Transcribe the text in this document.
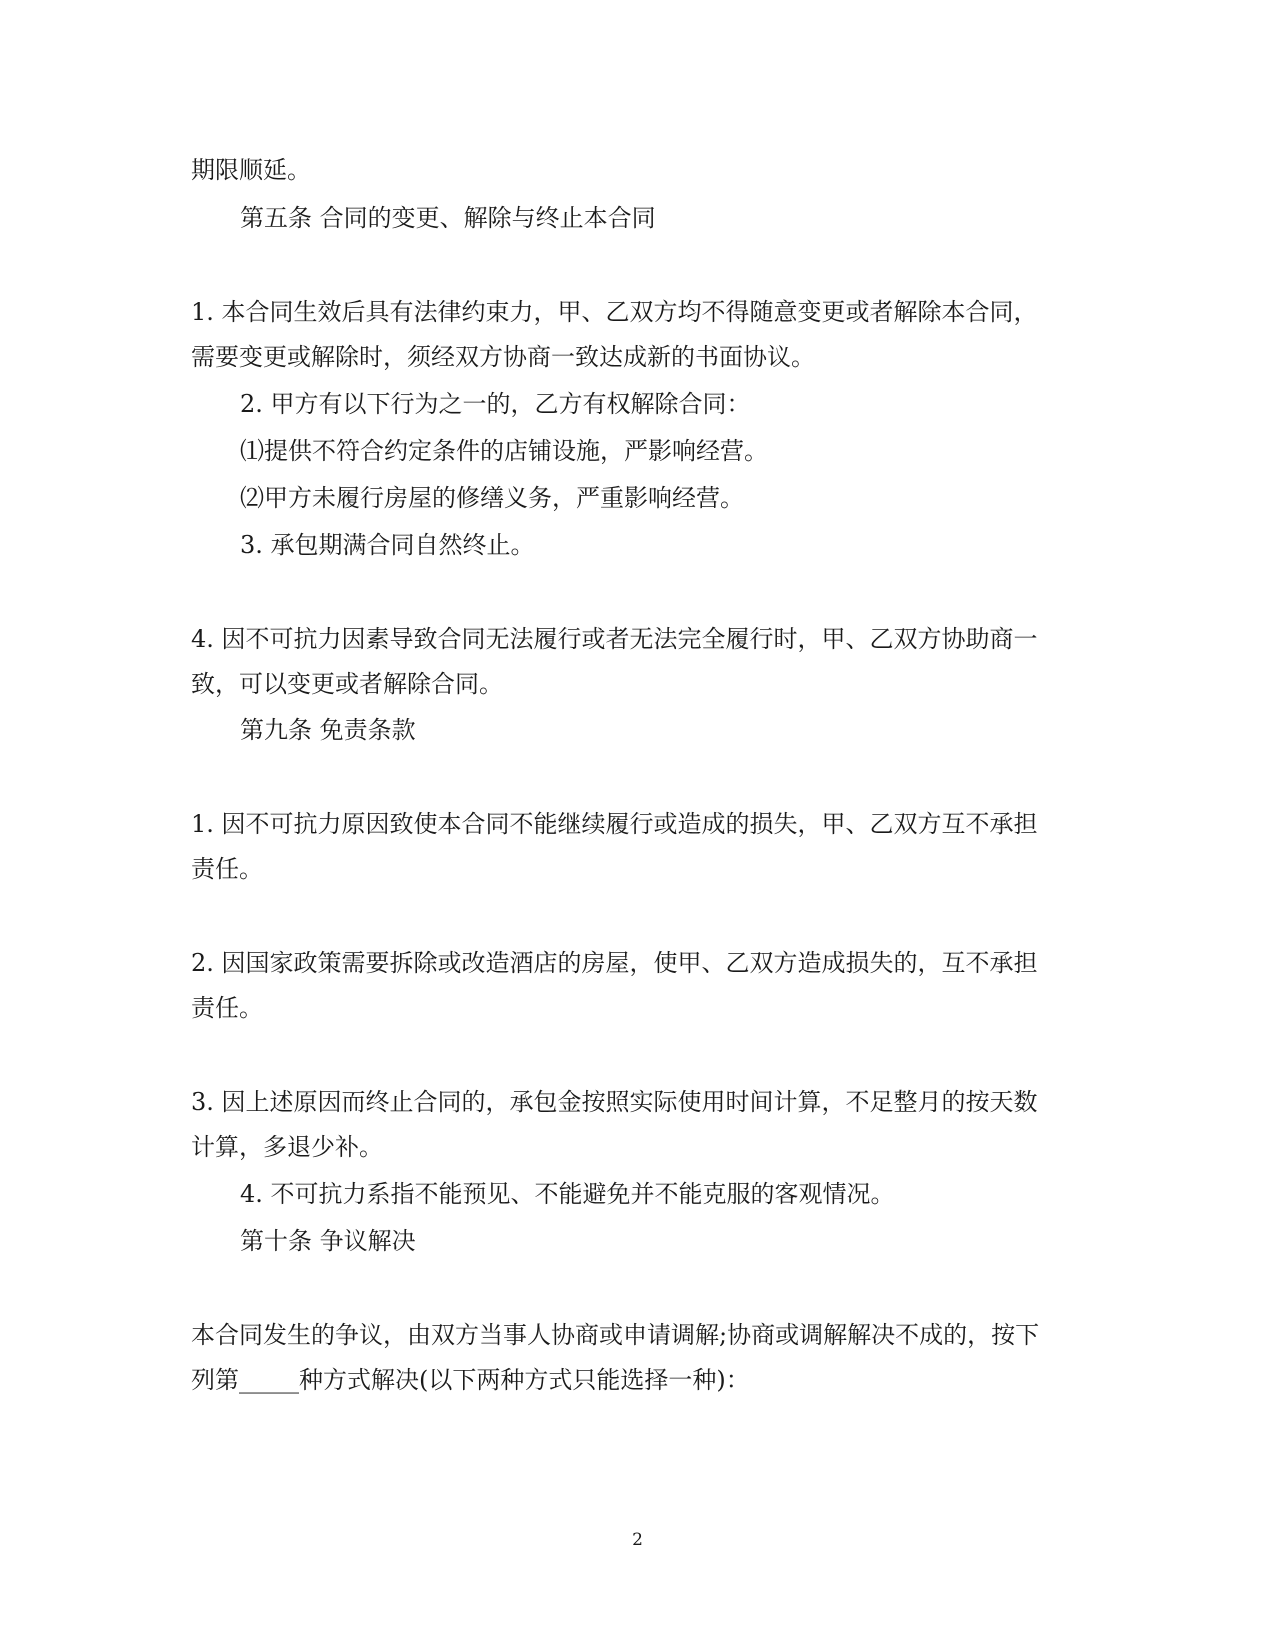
期限顺延。
第五条 合同的变更、解除与终止本合同
1. 本合同生效后具有法律约束力，甲、乙双方均不得随意变更或者解除本合同，
需要变更或解除时，须经双方协商一致达成新的书面协议。
2. 甲方有以下行为之一的，乙方有权解除合同：
⑴提供不符合约定条件的店铺设施，严影响经营。
⑵甲方未履行房屋的修缮义务，严重影响经营。
3. 承包期满合同自然终止。
4. 因不可抗力因素导致合同无法履行或者无法完全履行时，甲、乙双方协助商一
致，可以变更或者解除合同。
第九条 免责条款
1. 因不可抗力原因致使本合同不能继续履行或造成的损失，甲、乙双方互不承担
责任。
2. 因国家政策需要拆除或改造酒店的房屋，使甲、乙双方造成损失的，互不承担
责任。
3. 因上述原因而终止合同的，承包金按照实际使用时间计算，不足整月的按天数
计算，多退少补。
4. 不可抗力系指不能预见、不能避免并不能克服的客观情况。
第十条 争议解决
本合同发生的争议，由双方当事人协商或申请调解;协商或调解解决不成的，按下
列第_____种方式解决(以下两种方式只能选择一种)：
2
